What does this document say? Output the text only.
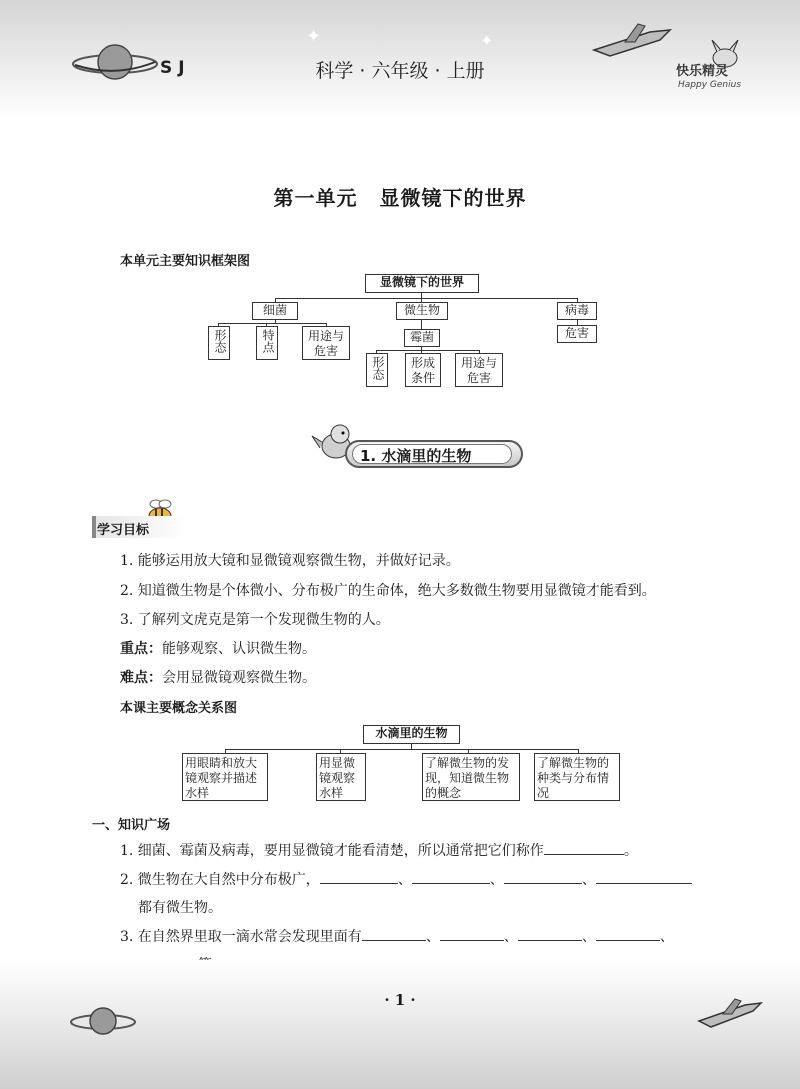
✦	✦
SJ	科学 · 六年级 · 上册	快乐精灵
Happy Genius
第一单元 显微镜下的世界
本单元主要知识框架图
显微镜下的世界
细菌	微生物	病毒
形态	特点	用途与危害
霉菌
形态	形成条件
用途与危害
危害
1. 水滴里的生物
学习目标
1. 能够运用放大镜和显微镜观察微生物，并做好记录。
2. 知道微生物是个体微小、分布极广的生命体，绝大多数微生物要用显微镜才能看到。
3. 了解列文虎克是第一个发现微生物的人。
重点：能够观察、认识微生物。
难点：会用显微镜观察微生物。
本课主要概念关系图
水滴里的生物
用眼睛和放大镜观察并描述水样
用显微镜观察水样
了解微生物的发现，知道微生物的概念
了解微生物的种类与分布情况
一、知识广场
1. 细菌、霉菌及病毒，要用显微镜才能看清楚，所以通常把它们称作	。
2. 微生物在大自然中分布极广，	、	、	、
都有微生物。
3. 在自然界里取一滴水常会发现里面有	、	、	、	、
· 1 ·
